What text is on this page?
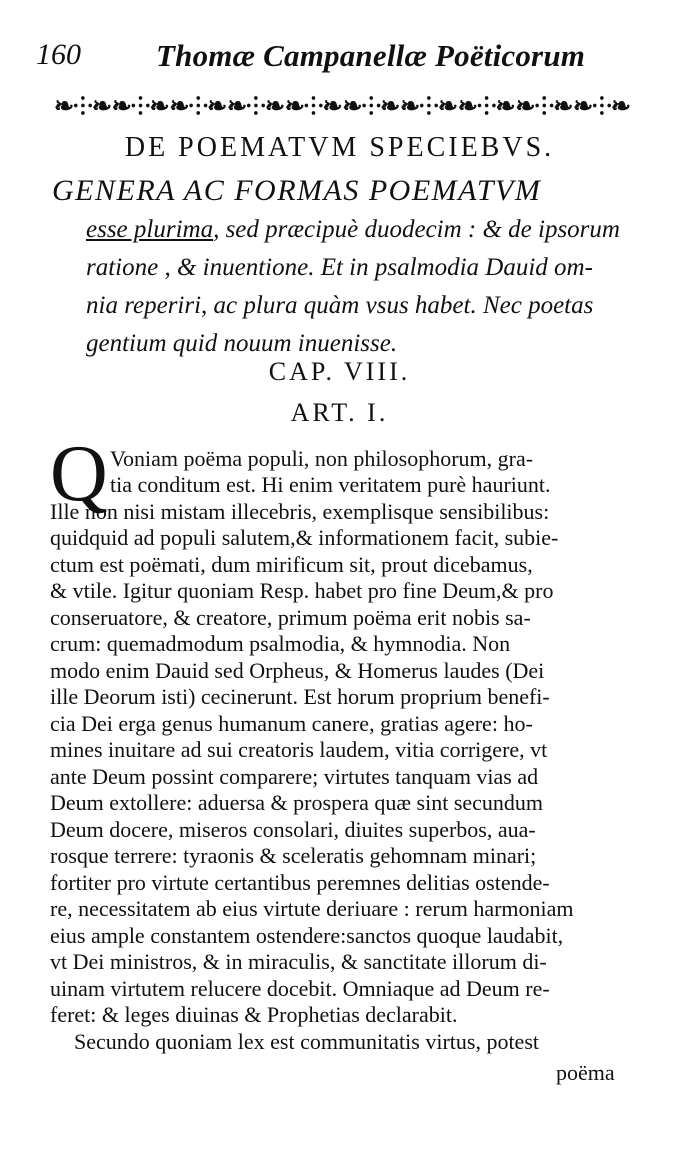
160 Thomæ Campanellæ Poëticorum
❧⸭❧ ❧⸭❧ ❧⸭❧ ❧⸭❧ ❧⸭❧ ❧⸭❧ ❧⸭❧ ❧⸭❧ ❧⸭❧ ❧⸭❧
DE POEMATVM SPECIEBVS.
GENERA AC FORMAS POEMATVM
esse plurima, sed præcipuè duodecim : & de ipsorum
ratione , & inuentione. Et in psalmodia Dauid om-
nia reperiri, ac plura quàm vsus habet. Nec poetas
gentium quid nouum inuenisse.
CAP. VIII.
ART. I.
Q Voniam poëma populi, non philosophorum, gra-
tia conditum est. Hi enim veritatem purè hauriunt.
Ille non nisi mistam illecebris, exemplisque sensibilibus:
quidquid ad populi salutem,& informationem facit, subie-
ctum est poëmati, dum mirificum sit, prout dicebamus,
& vtile. Igitur quoniam Resp. habet pro fine Deum,& pro
conseruatore, & creatore, primum poëma erit nobis sa-
crum: quemadmodum psalmodia, & hymnodia. Non
modo enim Dauid sed Orpheus, & Homerus laudes (Dei
ille Deorum isti) cecinerunt. Est horum proprium benefi-
cia Dei erga genus humanum canere, gratias agere: ho-
mines inuitare ad sui creatoris laudem, vitia corrigere, vt
ante Deum possint comparere; virtutes tanquam vias ad
Deum extollere: aduersa & prospera quæ sint secundum
Deum docere, miseros consolari, diuites superbos, aua-
rosque terrere: tyraonis & sceleratis gehomnam minari;
fortiter pro virtute certantibus peremnes delitias ostende-
re, necessitatem ab eius virtute deriuare : rerum harmoniam
eius ample constantem ostendere:sanctos quoque laudabit,
vt Dei ministros, & in miraculis, & sanctitate illorum di-
uinam virtutem relucere docebit. Omniaque ad Deum re-
feret: & leges diuinas & Prophetias declarabit.
Secundo quoniam lex est communitatis virtus, potest
poëma
